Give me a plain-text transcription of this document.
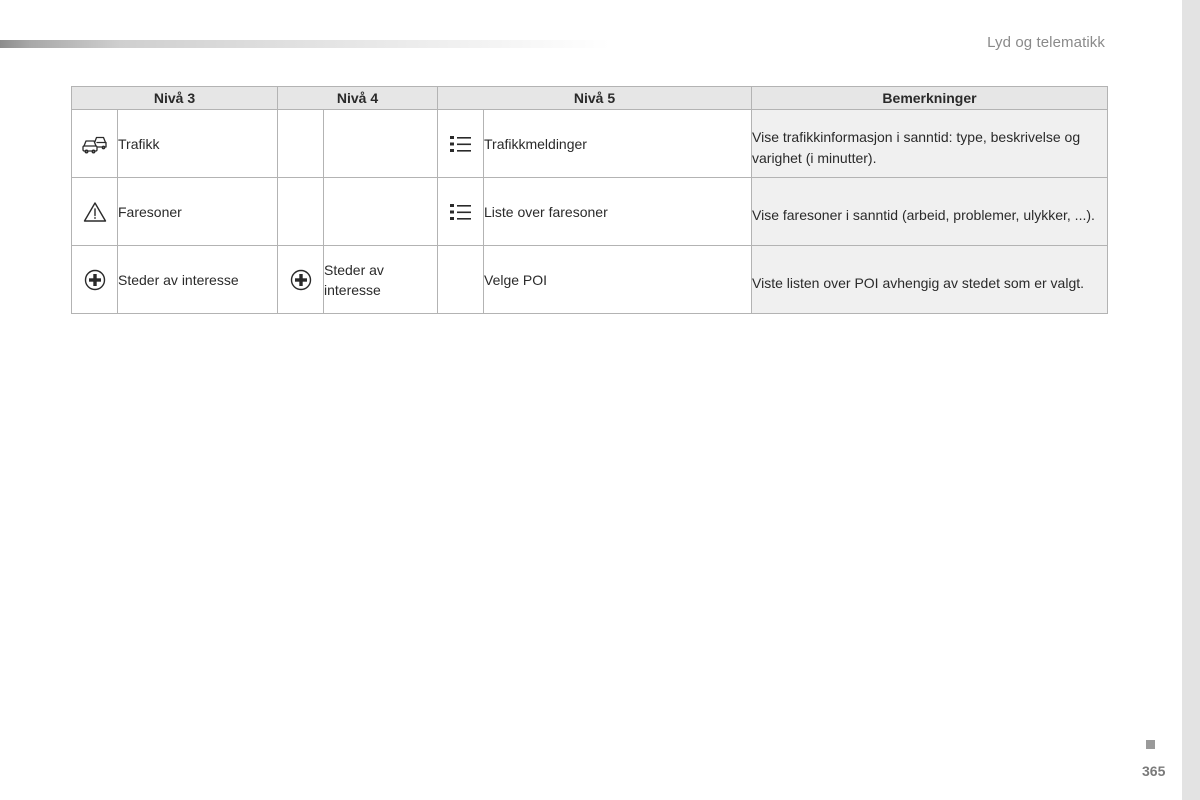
Lyd og telematikk
Nivå 3		Nivå 4		Nivå 5		Bemerkninger
	Trafikk				Trafikkmeldinger	Vise trafikkinformasjon i sanntid: type, beskrivelse og varighet (i minutter).

	Faresoner				Liste over faresoner	Vise faresoner i sanntid (arbeid, problemer, ulykker, ...).

	Steder av interesse		Steder av interesse		Velge POI	Viste listen over POI avhengig av stedet som er valgt.
365
